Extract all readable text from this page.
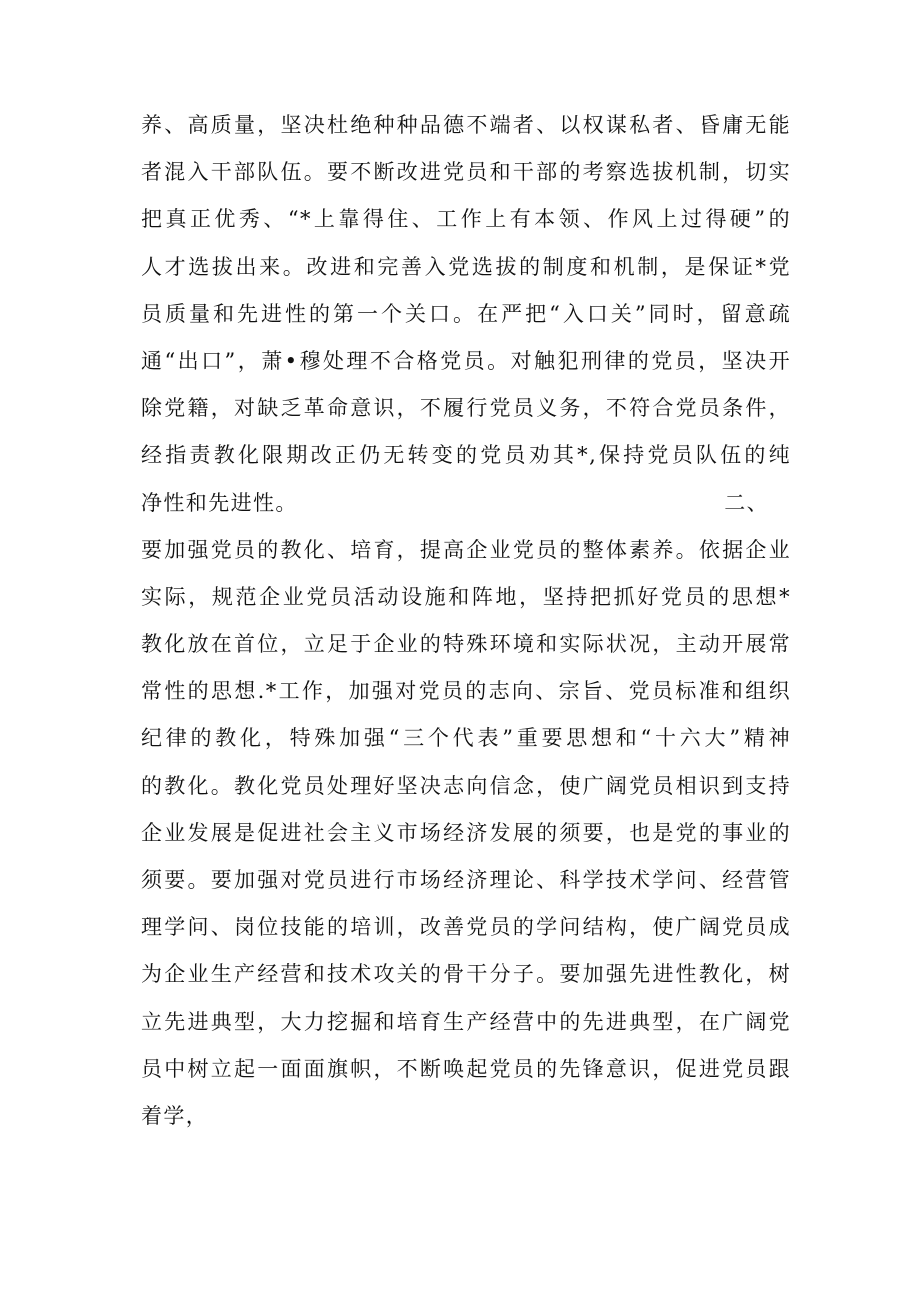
养、高质量，坚决杜绝种种品德不端者、以权谋私者、昏庸无能
者混入干部队伍。要不断改进党员和干部的考察选拔机制，切实
把真正优秀、“*上靠得住、工作上有本领、作风上过得硬”的
人才选拔出来。改进和完善入党选拔的制度和机制，是保证*党
员质量和先进性的第一个关口。在严把“入口关”同时，留意疏
通“出口”，萧•穆处理不合格党员。对触犯刑律的党员，坚决开
除党籍，对缺乏革命意识，不履行党员义务，不符合党员条件，
经指责教化限期改正仍无转变的党员劝其*,保持党员队伍的纯
净性和先进性。	二、
要加强党员的教化、培育，提高企业党员的整体素养。依据企业
实际，规范企业党员活动设施和阵地，坚持把抓好党员的思想*
教化放在首位，立足于企业的特殊环境和实际状况，主动开展常
常性的思想.*工作，加强对党员的志向、宗旨、党员标准和组织
纪律的教化，特殊加强“三个代表”重要思想和“十六大”精神
的教化。教化党员处理好坚决志向信念，使广阔党员相识到支持
企业发展是促进社会主义市场经济发展的须要，也是党的事业的
须要。要加强对党员进行市场经济理论、科学技术学问、经营管
理学问、岗位技能的培训，改善党员的学问结构，使广阔党员成
为企业生产经营和技术攻关的骨干分子。要加强先进性教化，树
立先进典型，大力挖掘和培育生产经营中的先进典型，在广阔党
员中树立起一面面旗帜，不断唤起党员的先锋意识，促进党员跟
着学，
